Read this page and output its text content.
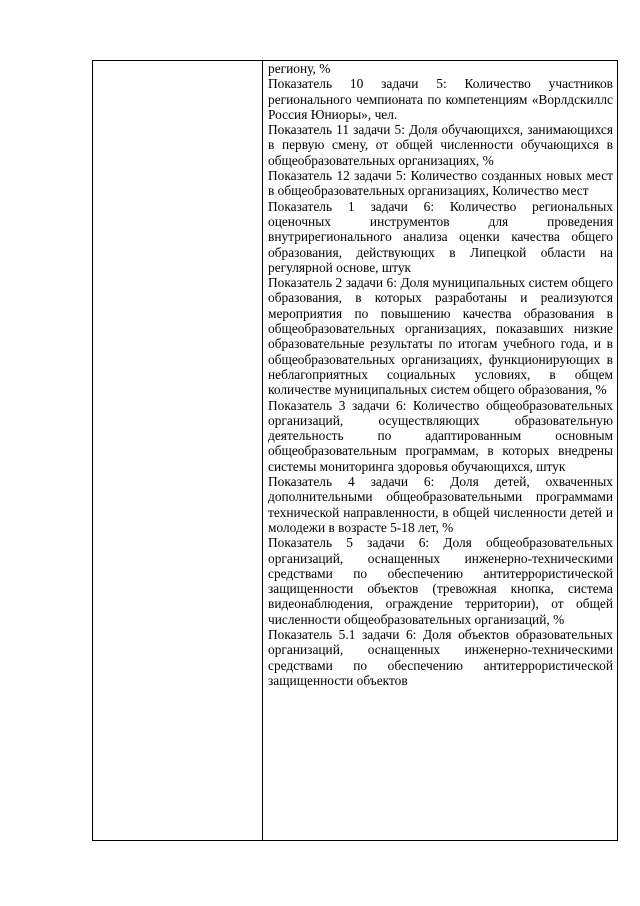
региону, %

Показатель 10 задачи 5: Количество участников регионального чемпионата по компетенциям «Ворлдскиллс Россия Юниоры», чел.

Показатель 11 задачи 5: Доля обучающихся, занимающихся в первую смену, от общей численности обучающихся в общеобразовательных организациях, %

Показатель 12 задачи 5: Количество созданных новых мест в общеобразовательных организациях, Количество мест

Показатель 1 задачи 6: Количество региональных оценочных инструментов для проведения внутрирегионального анализа оценки качества общего образования, действующих в Липецкой области на регулярной основе, штук

Показатель 2 задачи 6: Доля муниципальных систем общего образования, в которых разработаны и реализуются мероприятия по повышению качества образования в общеобразовательных организациях, показавших низкие образовательные результаты по итогам учебного года, и в общеобразовательных организациях, функционирующих в неблагоприятных социальных условиях, в общем количестве муниципальных систем общего образования, %

Показатель 3 задачи 6: Количество общеобразовательных организаций, осуществляющих образовательную деятельность по адаптированным основным общеобразовательным программам, в которых внедрены системы мониторинга здоровья обучающихся, штук

Показатель 4 задачи 6: Доля детей, охваченных дополнительными общеобразовательными программами технической направленности, в общей численности детей и молодежи в возрасте 5-18 лет, %

Показатель 5 задачи 6: Доля общеобразовательных организаций, оснащенных инженерно-техническими средствами по обеспечению антитеррористической защищенности объектов (тревожная кнопка, система видеонаблюдения, ограждение территории), от общей численности общеобразовательных организаций, %

Показатель 5.1 задачи 6: Доля объектов образовательных организаций, оснащенных инженерно-техническими средствами по обеспечению антитеррористической защищенности объектов
